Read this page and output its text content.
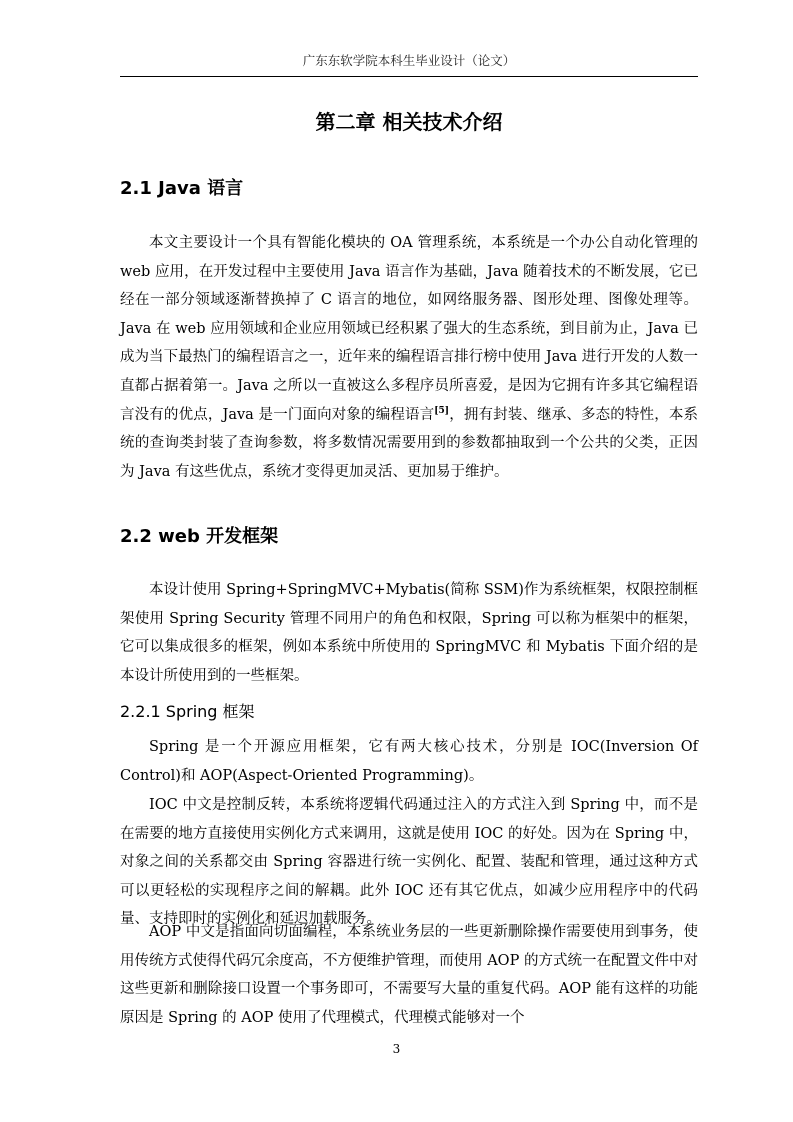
广东东软学院本科生毕业设计（论文）
第二章 相关技术介绍
2.1 Java 语言

本文主要设计一个具有智能化模块的 OA 管理系统，本系统是一个办公自动化管理的 web 应用，在开发过程中主要使用 Java 语言作为基础，Java 随着技术的不断发展，它已经在一部分领域逐渐替换掉了 C 语言的地位，如网络服务器、图形处理、图像处理等。Java 在 web 应用领域和企业应用领域已经积累了强大的生态系统，到目前为止，Java 已成为当下最热门的编程语言之一，近年来的编程语言排行榜中使用 Java 进行开发的人数一直都占据着第一。Java 之所以一直被这么多程序员所喜爱，是因为它拥有许多其它编程语言没有的优点，Java 是一门面向对象的编程语言[5]，拥有封装、继承、多态的特性，本系统的查询类封装了查询参数，将多数情况需要用到的参数都抽取到一个公共的父类，正因为 Java 有这些优点，系统才变得更加灵活、更加易于维护。

2.2 web 开发框架

本设计使用 Spring+SpringMVC+Mybatis(简称 SSM)作为系统框架，权限控制框架使用 Spring Security 管理不同用户的角色和权限，Spring 可以称为框架中的框架，它可以集成很多的框架，例如本系统中所使用的 SpringMVC 和 Mybatis 下面介绍的是本设计所使用到的一些框架。

2.2.1 Spring 框架

Spring 是一个开源应用框架，它有两大核心技术，分别是 IOC(Inversion Of Control)和 AOP(Aspect-Oriented Programming)。

IOC 中文是控制反转，本系统将逻辑代码通过注入的方式注入到 Spring 中，而不是在需要的地方直接使用实例化方式来调用，这就是使用 IOC 的好处。因为在 Spring 中，对象之间的关系都交由 Spring 容器进行统一实例化、配置、装配和管理，通过这种方式可以更轻松的实现程序之间的解耦。此外 IOC 还有其它优点，如减少应用程序中的代码量、支持即时的实例化和延迟加载服务。

AOP 中文是指面向切面编程，本系统业务层的一些更新删除操作需要使用到事务，使用传统方式使得代码冗余度高，不方便维护管理，而使用 AOP 的方式统一在配置文件中对这些更新和删除接口设置一个事务即可，不需要写大量的重复代码。AOP 能有这样的功能原因是 Spring 的 AOP 使用了代理模式，代理模式能够对一个

3
